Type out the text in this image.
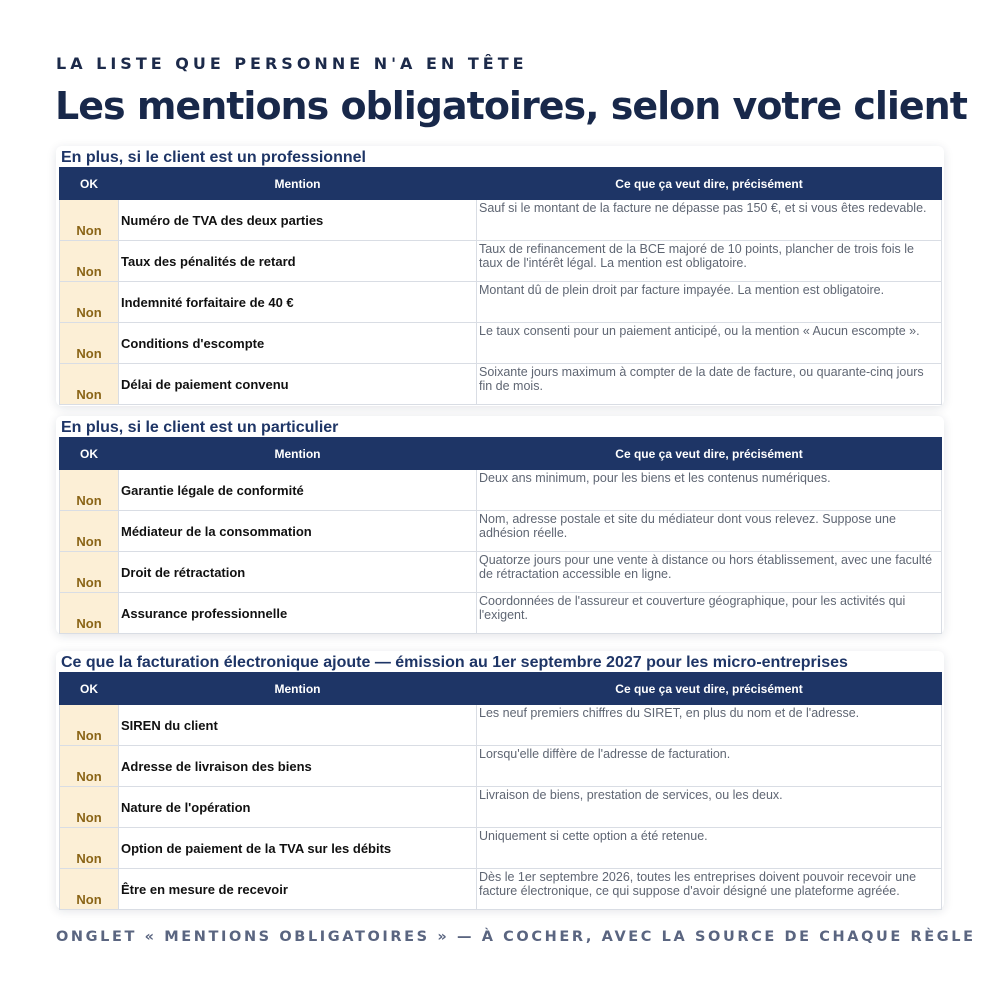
LA LISTE QUE PERSONNE N'A EN TÊTE
Les mentions obligatoires, selon votre client
En plus, si le client est un professionnel
OK	Mention	Ce que ça veut dire, précisément
Non	Numéro de TVA des deux parties	Sauf si le montant de la facture ne dépasse pas 150 €, et si vous êtes redevable.
Non	Taux des pénalités de retard	Taux de refinancement de la BCE majoré de 10 points, plancher de trois fois le taux de l'intérêt légal. La mention est obligatoire.
Non	Indemnité forfaitaire de 40 €	Montant dû de plein droit par facture impayée. La mention est obligatoire.
Non	Conditions d'escompte	Le taux consenti pour un paiement anticipé, ou la mention « Aucun escompte ».
Non	Délai de paiement convenu	Soixante jours maximum à compter de la date de facture, ou quarante-cinq jours fin de mois.
En plus, si le client est un particulier
OK	Mention	Ce que ça veut dire, précisément
Non	Garantie légale de conformité	Deux ans minimum, pour les biens et les contenus numériques.
Non	Médiateur de la consommation	Nom, adresse postale et site du médiateur dont vous relevez. Suppose une adhésion réelle.
Non	Droit de rétractation	Quatorze jours pour une vente à distance ou hors établissement, avec une faculté de rétractation accessible en ligne.
Non	Assurance professionnelle	Coordonnées de l'assureur et couverture géographique, pour les activités qui l'exigent.
Ce que la facturation électronique ajoute — émission au 1er septembre 2027 pour les micro-entreprises
OK	Mention	Ce que ça veut dire, précisément
Non	SIREN du client	Les neuf premiers chiffres du SIRET, en plus du nom et de l'adresse.
Non	Adresse de livraison des biens	Lorsqu'elle diffère de l'adresse de facturation.
Non	Nature de l'opération	Livraison de biens, prestation de services, ou les deux.
Non	Option de paiement de la TVA sur les débits	Uniquement si cette option a été retenue.
Non	Être en mesure de recevoir	Dès le 1er septembre 2026, toutes les entreprises doivent pouvoir recevoir une facture électronique, ce qui suppose d'avoir désigné une plateforme agréée.
ONGLET « MENTIONS OBLIGATOIRES » — À COCHER, AVEC LA SOURCE DE CHAQUE RÈGLE
